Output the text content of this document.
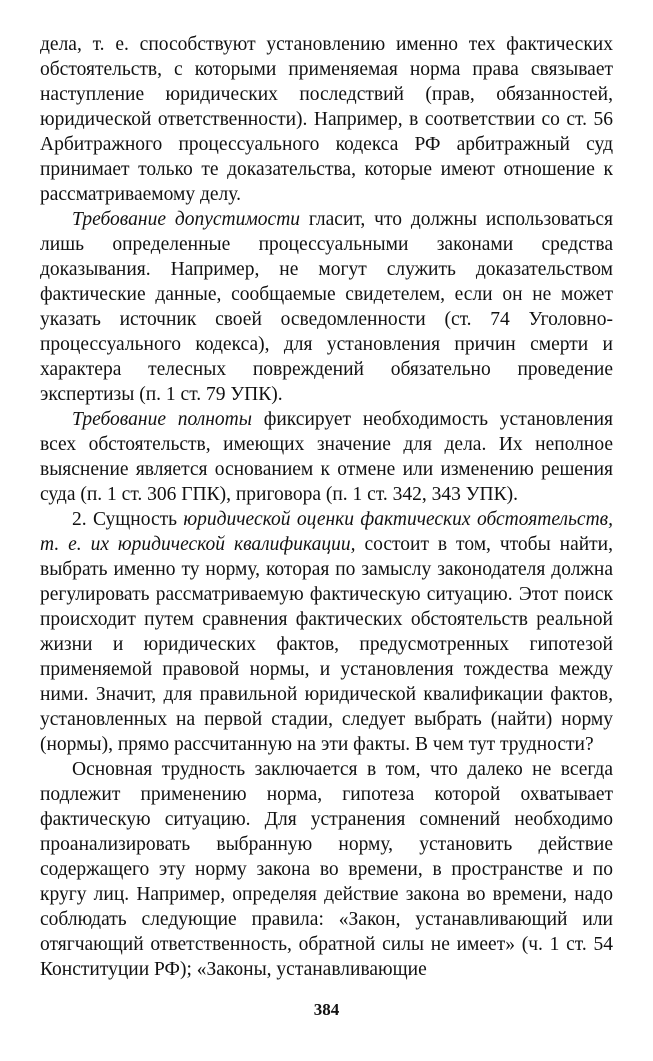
дела, т. е. способствуют установлению именно тех фактических обстоятельств, с которыми применяемая норма права связывает наступление юридических последствий (прав, обязанностей, юридической ответственности). Например, в соответствии со ст. 56 Арбитражного процессуального кодекса РФ арбитражный суд принимает только те доказательства, которые имеют отношение к рассматриваемому делу.

Требование допустимости гласит, что должны использоваться лишь определенные процессуальными законами средства доказывания. Например, не могут служить доказательством фактические данные, сообщаемые свидетелем, если он не может указать источник своей осведомленности (ст. 74 Уголовно-процессуального кодекса), для установления причин смерти и характера телесных повреждений обязательно проведение экспертизы (п. 1 ст. 79 УПК).

Требование полноты фиксирует необходимость установления всех обстоятельств, имеющих значение для дела. Их неполное выяснение является основанием к отмене или изменению решения суда (п. 1 ст. 306 ГПК), приговора (п. 1 ст. 342, 343 УПК).

2. Сущность юридической оценки фактических обстоятельств, т. е. их юридической квалификации, состоит в том, чтобы найти, выбрать именно ту норму, которая по замыслу законодателя должна регулировать рассматриваемую фактическую ситуацию. Этот поиск происходит путем сравнения фактических обстоятельств реальной жизни и юридических фактов, предусмотренных гипотезой применяемой правовой нормы, и установления тождества между ними. Значит, для правильной юридической квалификации фактов, установленных на первой стадии, следует выбрать (найти) норму (нормы), прямо рассчитанную на эти факты. В чем тут трудности?

Основная трудность заключается в том, что далеко не всегда подлежит применению норма, гипотеза которой охватывает фактическую ситуацию. Для устранения сомнений необходимо проанализировать выбранную норму, установить действие содержащего эту норму закона во времени, в пространстве и по кругу лиц. Например, определяя действие закона во времени, надо соблюдать следующие правила: «Закон, устанавливающий или отягчающий ответственность, обратной силы не имеет» (ч. 1 ст. 54 Конституции РФ); «Законы, устанавливающие

384
